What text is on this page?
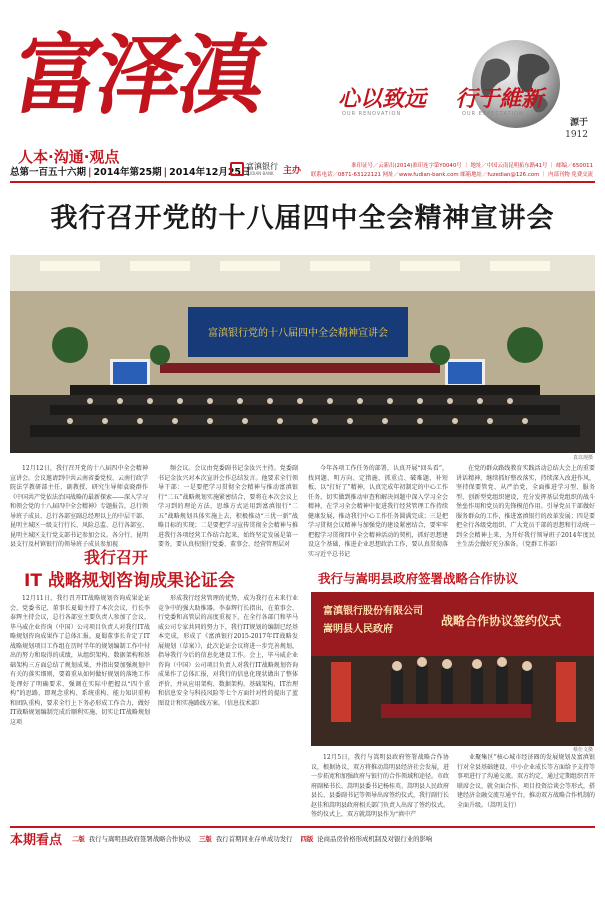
富泽滇
人本·沟通·观点
心以致远 行于維新
OUR RENOVATION	OUR EXPECTATION
源于1912
总第一百五十六期 | 2014年第25期 | 2014年12月25日
富滇银行
FUDIAN BANK	主办	准印证号／云新出(2014)准印连字第Y0040号 ｜ 地址／中国云南昆明拓东路41号 ｜ 邮编／650011
联系电话／0871-63122121 网址／www.fudian-bank.com 邮箱地址／fuzedian@126.com ｜ 内部刊物 免费交流
我行召开党的十八届四中全会精神宣讲会
富滇银行党的十八届四中全会精神宣讲会
袁以现摄

12月12日，我行召开党的十八届四中全会精神宣讲会。会议邀请到中共云南省委党校、云南行政学院法学教研部主任、副教授、研究生导师袁晓群作《中国共产党依法治国战略的最新探索——深入学习和领会党的十八届四中全会精神》专题报告，总行领导班子成员、总行各部室副总经理以上的中层干部、昆明主城区一级支行行长、风险总监、总行各部室、昆明主城区支行党支部书记参加会议。各分行、昆明县支行及村镇银行的领导班子成员参加视

频会议。会议由党委副书记金汝兴主持。党委副书记金汝兴对本次宣讲会作总结发言。他要求全行领导干部：一是要把学习贯彻全会精神与推动富滇银行“二五”战略规划实施紧密结合，要将在本次会议上学习到的理论方法，思维方式运用到富滇银行“二五”战略规划具体实施上去，积极推动“三优一新”战略目标的实现；二是要把学习宣传贯彻全会精神与推进我行各项经营工作结合起来，始终坚定发展是第一要务，要认真按照行党委、董事会、经营管理层对

今年各项工作任务的部署，认真开展“回头看”，找问题、明方向、定措施、抓重点、破难题、补短板，以“打好了”精神，认真完成年初制定的中心工作任务，切实做到推动审查和解决问题中深入学习全会精神，在学习全会精神中促进我行经营管理工作持续健康发展，推动我行中心工作任务圆满完成；三是把学习贯彻会议精神与加强党的建设紧密结合，要牢牢把握学习贯彻四中全会精神活动的契机，抓好思想建设这个基础，推进企业思想政治工作，要认真贯彻落实习近平总书记

在党的群众路线教育实践活动总结大会上的重要讲话精神，继续抓好整改落实，持续深入改进作风，坚持保要管党、从严治党，全面推进学习型、服务型、创新型党组织建设，充分发挥基层党组织的战斗堡垒作用和党员的先锋模范作用。引导党员干部做好服务群众的工作，推进富滇银行的改革发展；四是要把全行各级党组织、广大党员干部的思想和行动统一到全会精神上来，为开好我行领导班子2014年度民主生活会做好充分准备。（党群工作部）

我行召开
IT 战略规划咨询成果论证会

12月11日，我行召开IT战略规划咨询成果论证会，党委书记、董事长夏蜀主持了本次会议，行长李泰辉主持会议，总行各部室主要负责人参加了会议，毕马威企业咨询（中国）公司项目负责人对我行IT战略规划咨询成果作了总体汇报。夏蜀董事长肯定了IT战略规划项目工作组在历时半年的规划编制工作中付出的努力和取得的成绩，从组织架构、数据架构和基础架构三方面总结了规划成果，并指出要加强规划中有关的落实细则，要着重从如何做好规划的落地工作处理好了明确要求，强调在实际中把握以“四个重构”的思路，即观念重构、系统重构、能力知识重构和团队重构，要求全行上下务必形成工作合力，做好IT战略规划编制完成后顺利实施，切实让IT战略规划这项

形成我行经营管理的优势，成为我行在未来行业竞争中的强大助推器。李泰辉行长指出，在董事会、行党委和高管层的高度重视下，在全行各部门和毕马威公司专家共同的努力下，我行IT规划的编制已经基本完成，形成了《富滇银行2015-2017年IT战略发展规划（草案）》，此次论证会议将进一步完善规划，指导我行今后的信息化建设工作。会上，毕马威企业咨询（中国）公司项目负责人对我行IT战略规划咨询成果作了总体汇报，对我行的信息化现状做出了整体评价，并从应用架构、数据架构、基础架构、IT治理和信息安全与科技风险等七个方面针对性的提出了蓝图设计和实施路线方案。（信息技术部）

我行与嵩明县政府签署战略合作协议
富滇银行股份有限公司
嵩明县人民政府
战略合作协议签约仪式
蔡仕文摄

12月5日，我行与嵩明县政府签署战略合作协议，根据协议，双方将推动嵩明县经济社会发展，进一步拓宽和加强政府与银行的合作领域和途径。市政府副秘书长、嵩明县委书记杨桂英、嵩明县人民政府县长、县委副书记等领导出席签约仪式，我行副行长赵佳和嵩明县政府相关部门负责人出席了签约仪式。签约仪式上，双方就嵩明县作为“滇中产

业聚集区”核心城市经济圈的发展规划及富滇银行对全县基础建设、中小企业成长等方面给予支持等事项进行了沟通交流。双方约定，通过定期组织召开联席会议，就全面合作、项目投资洽谈会等形式，搭建经济金融交流互通平台，推动双方战略合作机制的全面升级。（嵩明支行）

本期看点 二版 我行与嵩明县政府签署战略合作协议 三版 我行首期同业存单成功发行 四版 论商品房价格形成机制及对银行业的影响
